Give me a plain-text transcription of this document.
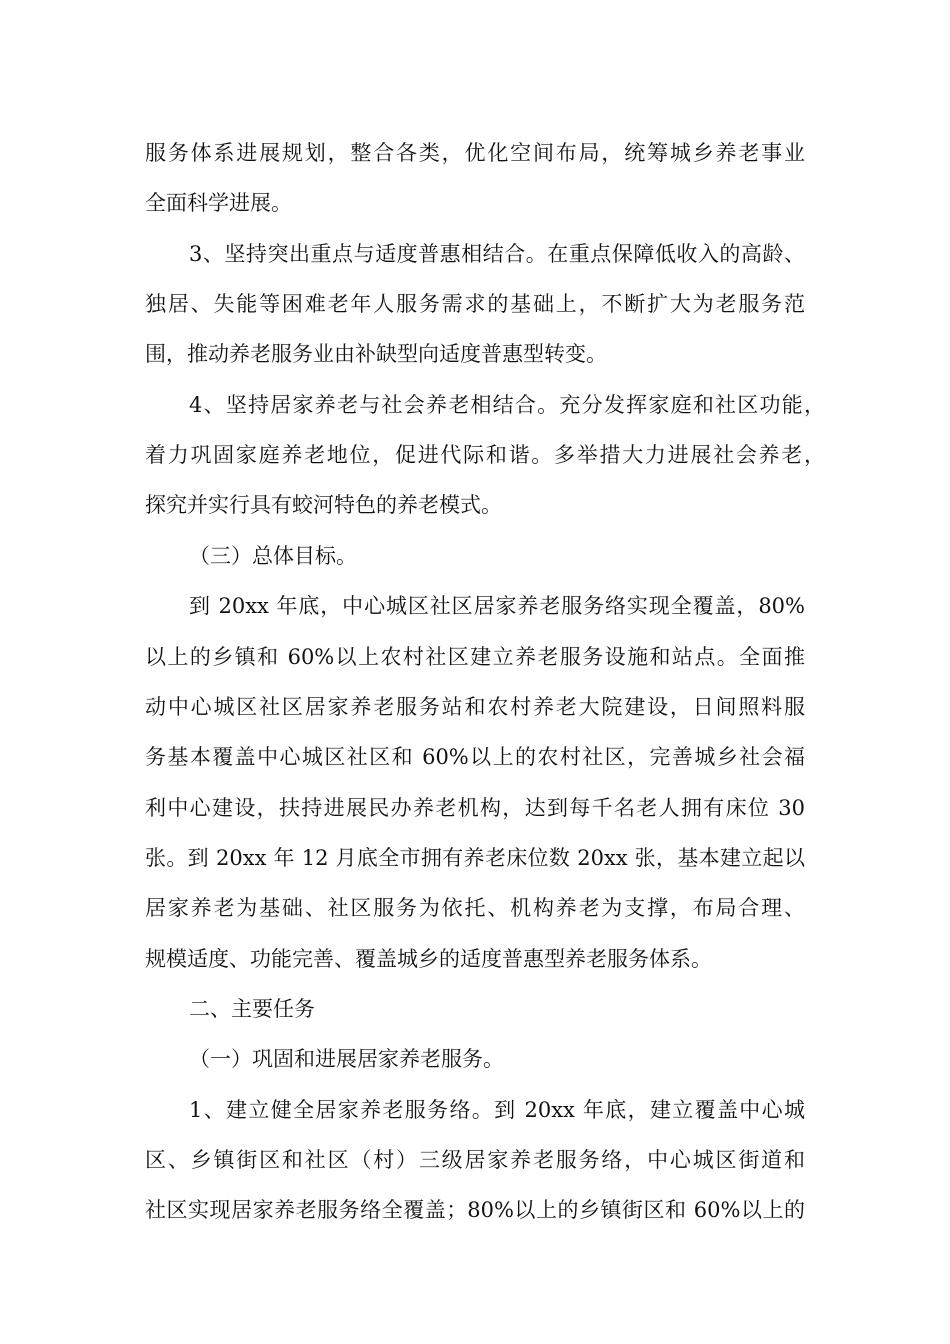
服务体系进展规划，整合各类，优化空间布局，统筹城乡养老事业
全面科学进展。
3、坚持突出重点与适度普惠相结合。在重点保障低收入的高龄、
独居、失能等困难老年人服务需求的基础上，不断扩大为老服务范
围，推动养老服务业由补缺型向适度普惠型转变。
4、坚持居家养老与社会养老相结合。充分发挥家庭和社区功能，
着力巩固家庭养老地位，促进代际和谐。多举措大力进展社会养老，
探究并实行具有蛟河特色的养老模式。
（三）总体目标。
到 20xx 年底，中心城区社区居家养老服务络实现全覆盖，80%
以上的乡镇和 60%以上农村社区建立养老服务设施和站点。全面推
动中心城区社区居家养老服务站和农村养老大院建设，日间照料服
务基本覆盖中心城区社区和 60%以上的农村社区，完善城乡社会福
利中心建设，扶持进展民办养老机构，达到每千名老人拥有床位 30
张。到 20xx 年 12 月底全市拥有养老床位数 20xx 张，基本建立起以
居家养老为基础、社区服务为依托、机构养老为支撑，布局合理、
规模适度、功能完善、覆盖城乡的适度普惠型养老服务体系。
二、主要任务
（一）巩固和进展居家养老服务。
1、建立健全居家养老服务络。到 20xx 年底，建立覆盖中心城
区、乡镇街区和社区（村）三级居家养老服务络，中心城区街道和
社区实现居家养老服务络全覆盖；80%以上的乡镇街区和 60%以上的
